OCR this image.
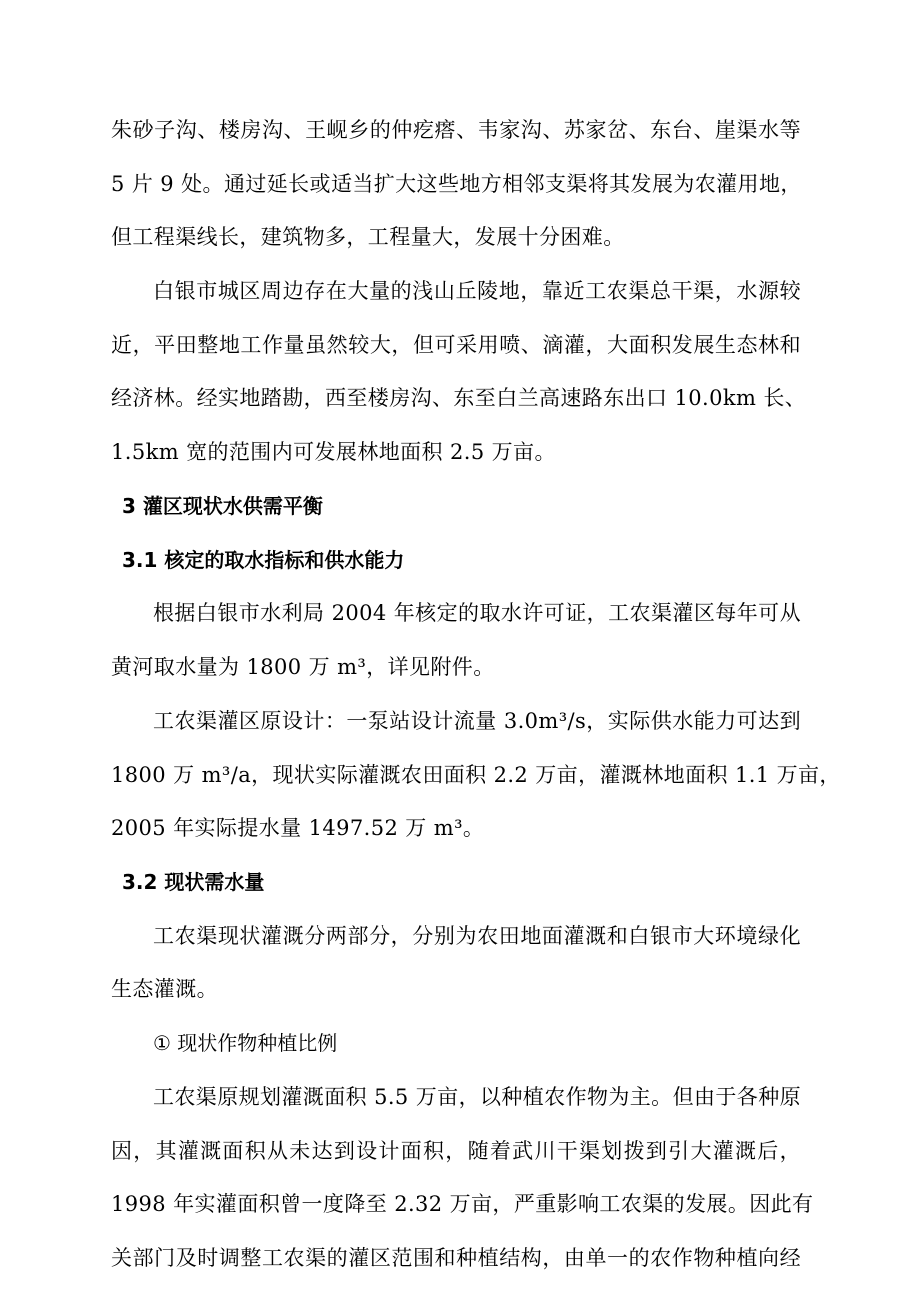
朱砂子沟、楼房沟、王岘乡的仲疙瘩、韦家沟、苏家岔、东台、崖渠水等
5 片 9 处。通过延长或适当扩大这些地方相邻支渠将其发展为农灌用地，
但工程渠线长，建筑物多，工程量大，发展十分困难。
白银市城区周边存在大量的浅山丘陵地，靠近工农渠总干渠，水源较
近，平田整地工作量虽然较大，但可采用喷、滴灌，大面积发展生态林和
经济林。经实地踏勘，西至楼房沟、东至白兰高速路东出口 10.0km 长、
1.5km 宽的范围内可发展林地面积 2.5 万亩。
3 灌区现状水供需平衡
3.1 核定的取水指标和供水能力
根据白银市水利局 2004 年核定的取水许可证，工农渠灌区每年可从
黄河取水量为 1800 万 m³，详见附件。
工农渠灌区原设计：一泵站设计流量 3.0m³/s，实际供水能力可达到
1800 万 m³/a，现状实际灌溉农田面积 2.2 万亩，灌溉林地面积 1.1 万亩，
2005 年实际提水量 1497.52 万 m³。
3.2 现状需水量
工农渠现状灌溉分两部分，分别为农田地面灌溉和白银市大环境绿化
生态灌溉。
① 现状作物种植比例
工农渠原规划灌溉面积 5.5 万亩，以种植农作物为主。但由于各种原
因，其灌溉面积从未达到设计面积，随着武川干渠划拨到引大灌溉后，
1998 年实灌面积曾一度降至 2.32 万亩，严重影响工农渠的发展。因此有
关部门及时调整工农渠的灌区范围和种植结构，由单一的农作物种植向经
